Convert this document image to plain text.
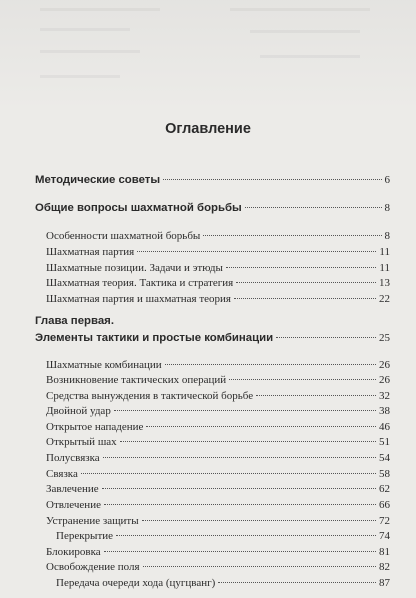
Оглавление
Методические советы	6
Общие вопросы шахматной борьбы	8
Особенности шахматной борьбы	8
Шахматная партия	11
Шахматные позиции. Задачи и этюды	11
Шахматная теория. Тактика и стратегия	13
Шахматная партия и шахматная теория	22
Глава первая.
Элементы тактики и простые комбинации	25
Шахматные комбинации	26
Возникновение тактических операций	26
Средства вынуждения в тактической борьбе	32
Двойной удар	38
Открытое нападение	46
Открытый шах	51
Полусвязка	54
Связка	58
Завлечение	62
Отвлечение	66
Устранение защиты	72
Перекрытие	74
Блокировка	81
Освобождение поля	82
Передача очереди хода (цугцванг)	87
